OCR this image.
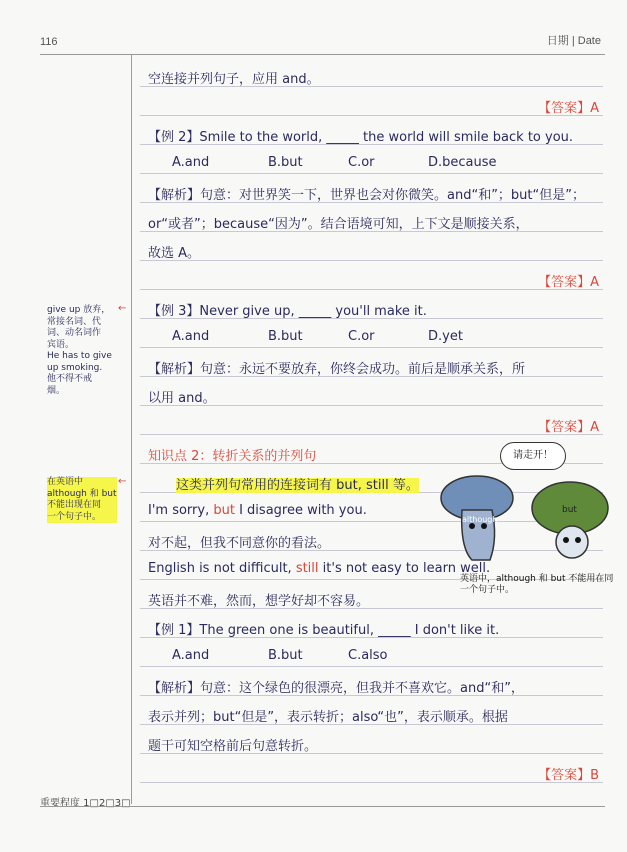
116	日期 | Date
空连接并列句子，应用 and。
【答案】A
【例 2】Smile to the world, _____ the world will smile back to you.
A.and	B.but	C.or	D.because
【解析】句意：对世界笑一下，世界也会对你微笑。and“和”；but“但是”；
or“或者”；because“因为”。结合语境可知，上下文是顺接关系，
故选 A。
【答案】A
【例 3】Never give up, _____ you'll make it.
A.and	B.but	C.or	D.yet
【解析】句意：永远不要放弃，你终会成功。前后是顺承关系，所
以用 and。
【答案】A
知识点 2：转折关系的并列句
这类并列句常用的连接词有 but, still 等。
I'm sorry, but I disagree with you.
对不起，但我不同意你的看法。
English is not difficult, still it's not easy to learn well.
英语并不难，然而，想学好却不容易。
【例 1】The green one is beautiful, _____ I don't like it.
A.and	B.but	C.also
【解析】句意：这个绿色的很漂亮，但我并不喜欢它。and“和”，
表示并列；but“但是”，表示转折；also“也”，表示顺承。根据
题干可知空格前后句意转折。
【答案】B
give up 放弃，
常接名词、代
词、动名词作
宾语。
He has to give
up smoking.
他不得不戒
烟。
←
在英语中
although 和 but
不能出现在同
一个句子中。
←
请走开！
although
but
英语中，although 和 but 不能用在同
一个句子中。
重要程度 1□2□3□
